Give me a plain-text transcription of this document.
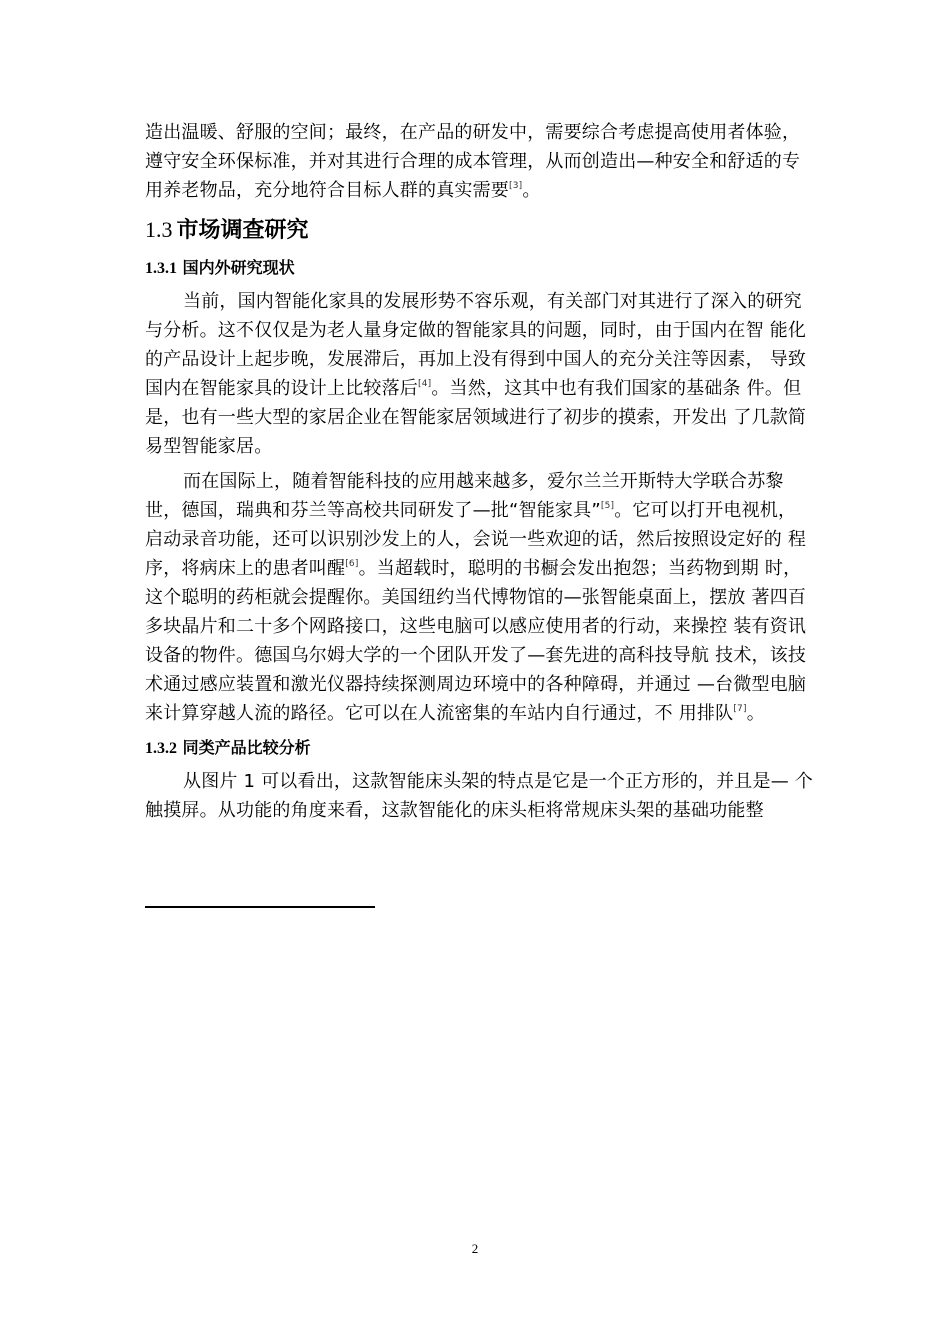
造出温暖、舒服的空间；最终，在产品的研发中，需要综合考虑提高使用者体验，遵守安全环保标准，并对其进行合理的成本管理，从而创造出—种安全和舒适的专用养老物品，充分地符合目标人群的真实需要[3]。

1.3 市场调查研究
1.3.1 国内外研究现状

当前，国内智能化家具的发展形势不容乐观，有关部门对其进行了深入的研究与分析。这不仅仅是为老人量身定做的智能家具的问题，同时，由于国内在智 能化的产品设计上起步晚，发展滞后，再加上没有得到中国人的充分关注等因素， 导致国内在智能家具的设计上比较落后[4]。当然，这其中也有我们国家的基础条 件。但是，也有一些大型的家居企业在智能家居领域进行了初步的摸索，开发出 了几款简易型智能家居。

而在国际上，随着智能科技的应用越来越多，爱尔兰兰开斯特大学联合苏黎世，德国，瑞典和芬兰等高校共同研发了—批“智能家具”[5]。它可以打开电视机， 启动录音功能，还可以识别沙发上的人，会说一些欢迎的话，然后按照设定好的 程序，将病床上的患者叫醒[6]。当超载时，聪明的书橱会发出抱怨；当药物到期 时，这个聪明的药柜就会提醒你。美国纽约当代博物馆的—张智能桌面上，摆放 著四百多块晶片和二十多个网路接口，这些电脑可以感应使用者的行动，来操控 装有资讯设备的物件。德国乌尔姆大学的一个团队开发了—套先进的高科技导航 技术，该技术通过感应装置和激光仪器持续探测周边环境中的各种障碍，并通过 —台微型电脑来计算穿越人流的路径。它可以在人流密集的车站内自行通过，不 用排队[7]。

1.3.2 同类产品比较分析

从图片 1 可以看出，这款智能床头架的特点是它是一个正方形的，并且是— 个触摸屏。从功能的角度来看，这款智能化的床头柜将常规床头架的基础功能整

2
